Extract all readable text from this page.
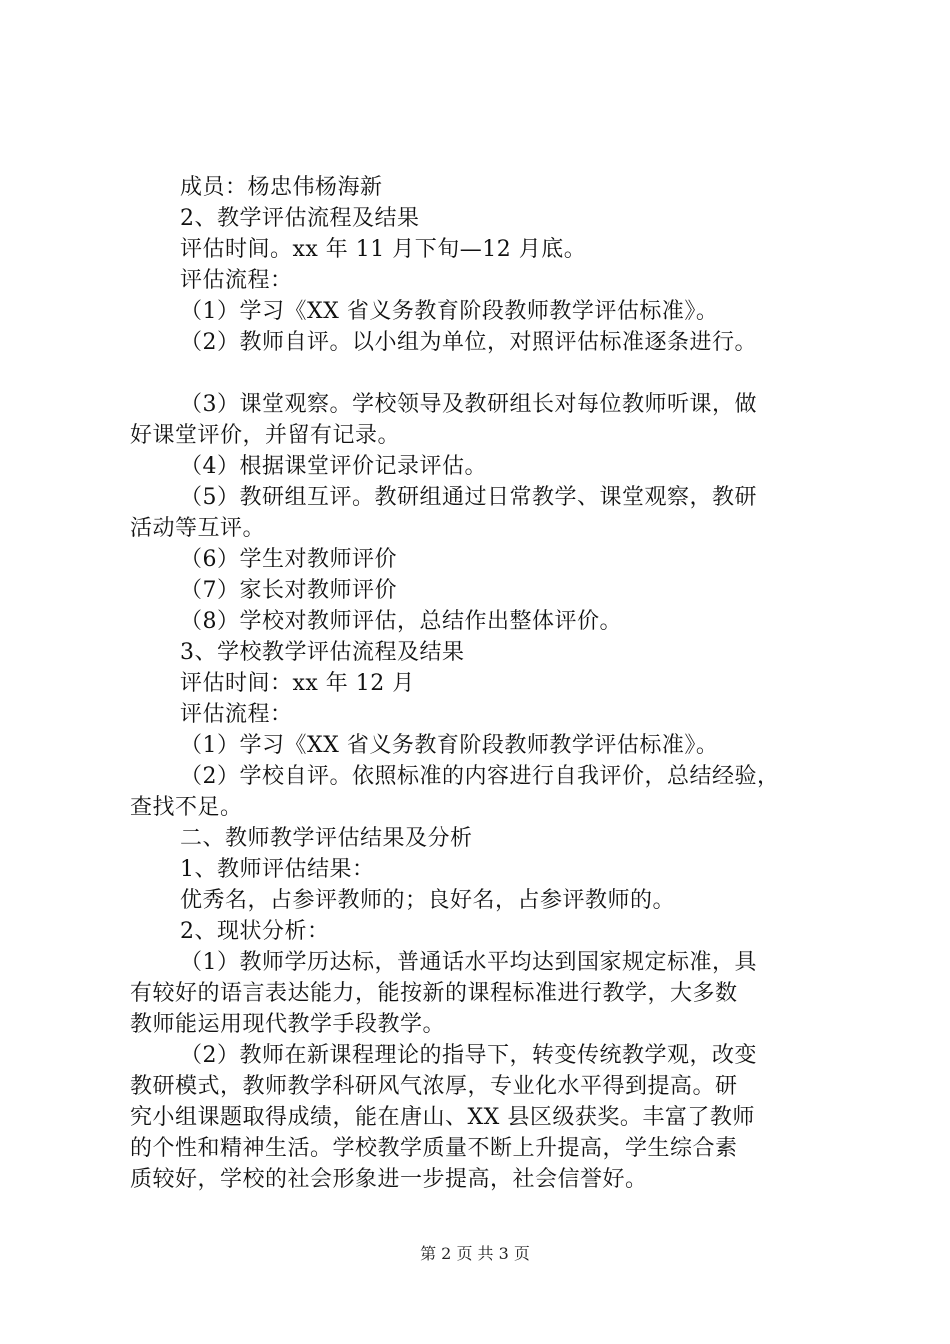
成员：杨忠伟杨海新
2、教学评估流程及结果
评估时间。xx 年 11 月下旬—12 月底。
评估流程：
（1）学习《XX 省义务教育阶段教师教学评估标准》。
（2）教师自评。以小组为单位，对照评估标准逐条进行。
（3）课堂观察。学校领导及教研组长对每位教师听课，做
好课堂评价，并留有记录。
（4）根据课堂评价记录评估。
（5）教研组互评。教研组通过日常教学、课堂观察，教研
活动等互评。
（6）学生对教师评价
（7）家长对教师评价
（8）学校对教师评估，总结作出整体评价。
3、学校教学评估流程及结果
评估时间：xx 年 12 月
评估流程：
（1）学习《XX 省义务教育阶段教师教学评估标准》。
（2）学校自评。依照标准的内容进行自我评价，总结经验，
查找不足。
二、教师教学评估结果及分析
1、教师评估结果：
优秀名，占参评教师的；良好名，占参评教师的。
2、现状分析：
（1）教师学历达标，普通话水平均达到国家规定标准，具
有较好的语言表达能力，能按新的课程标准进行教学，大多数
教师能运用现代教学手段教学。
（2）教师在新课程理论的指导下，转变传统教学观，改变
教研模式，教师教学科研风气浓厚，专业化水平得到提高。研
究小组课题取得成绩，能在唐山、XX 县区级获奖。丰富了教师
的个性和精神生活。学校教学质量不断上升提高，学生综合素
质较好，学校的社会形象进一步提高，社会信誉好。
第 2 页 共 3 页
